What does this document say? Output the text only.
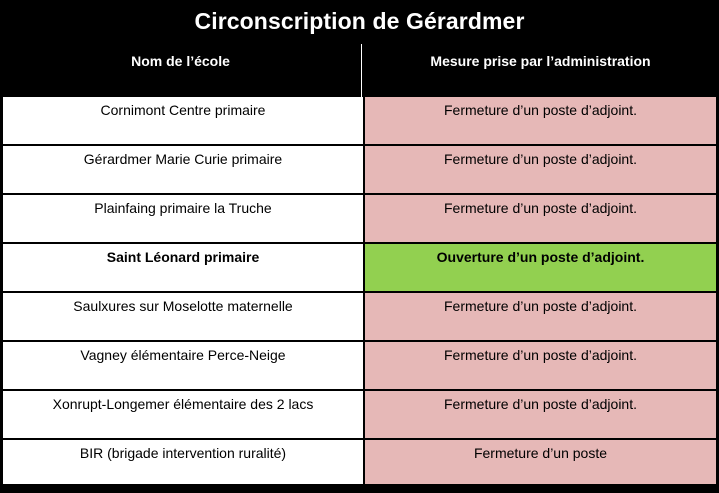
Circonscription de Gérardmer
Nom de l’école	Mesure prise par l’administration
Cornimont Centre primaire	Fermeture d’un poste d’adjoint.
Gérardmer Marie Curie primaire	Fermeture d’un poste d’adjoint.
Plainfaing primaire la Truche	Fermeture d’un poste d’adjoint.
Saint Léonard primaire	Ouverture d’un poste d’adjoint.
Saulxures sur Moselotte maternelle	Fermeture d’un poste d’adjoint.
Vagney élémentaire Perce-Neige	Fermeture d’un poste d’adjoint.
Xonrupt-Longemer élémentaire des 2 lacs	Fermeture d’un poste d’adjoint.
BIR (brigade intervention ruralité)	Fermeture d’un poste
